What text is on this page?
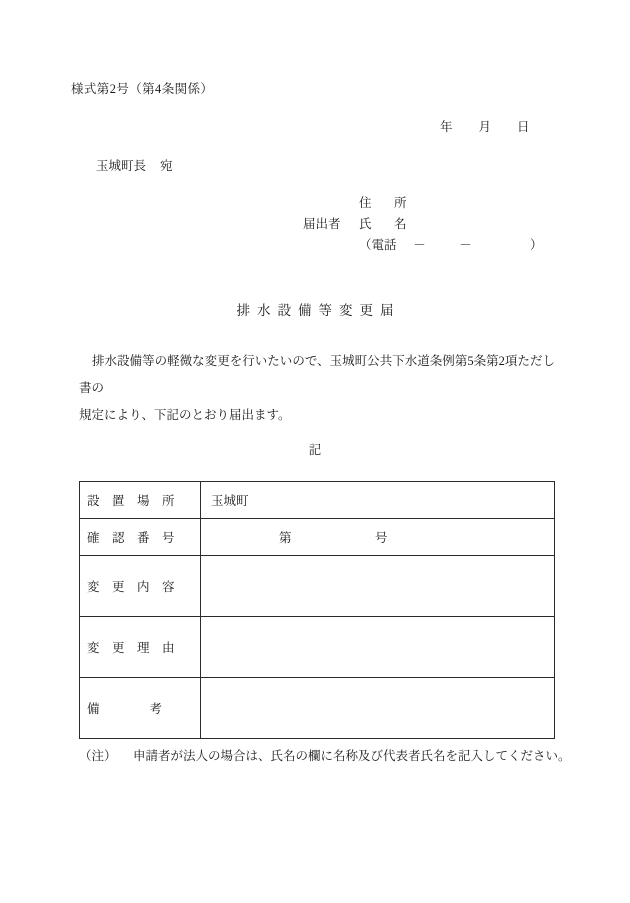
様式第2号（第4条関係）
年 月 日
玉城町長 宛
住　所
届出者	氏　名
（電話 －	－	）
排水設備等変更届
排水設備等の軽微な変更を行いたいので、玉城町公共下水道条例第5条第2項ただし書の
規定により、下記のとおり届出ます。
記
設　置　場　所	玉城町

確　認　番　号	第 号

変　更　内　容	

変　更　理　由	

備　　　　考	

（注） 申請者が法人の場合は、氏名の欄に名称及び代表者氏名を記入してください。
